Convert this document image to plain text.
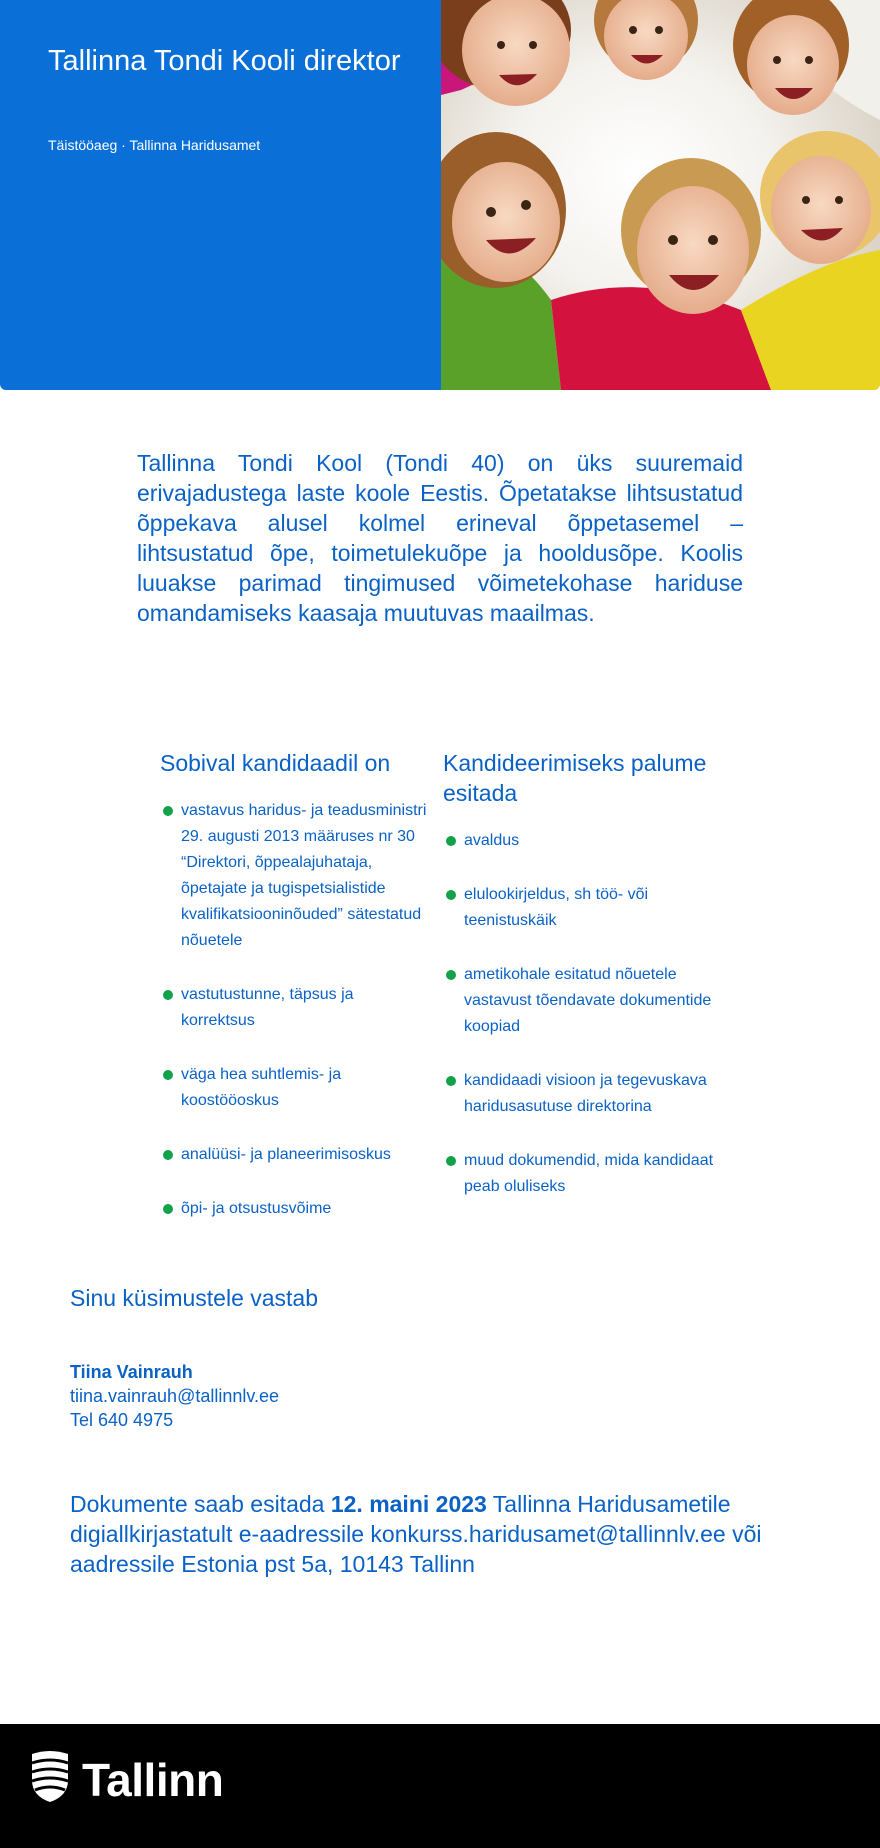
Tallinna Tondi Kooli direktor
Täistööaeg · Tallinna Haridusamet

Tallinna Tondi Kool (Tondi 40) on üks suuremaid erivajadustega laste koole Eestis. Õpetatakse lihtsustatud õppekava alusel kolmel erineval õppetasemel – lihtsustatud õpe, toimetulekuõpe ja hooldusõpe. Koolis luuakse parimad tingimused võimetekohase hariduse omandamiseks kaasaja muutuvas maailmas.

Sobival kandidaadil on
vastavus haridus- ja teadusministri 29. augusti 2013 määruses nr 30 “Direktori, õppealajuhataja, õpetajate ja tugispetsialistide kvalifikatsiooninõuded” sätestatud nõuetele
vastutustunne, täpsus ja korrektsus
väga hea suhtlemis- ja koostööoskus
analüüsi- ja planeerimisoskus
õpi- ja otsustusvõime
Kandideerimiseks palume esitada
avaldus
elulookirjeldus, sh töö- või teenistuskäik
ametikohale esitatud nõuetele vastavust tõendavate dokumentide koopiad
kandidaadi visioon ja tegevuskava haridusasutuse direktorina
muud dokumendid, mida kandidaat peab oluliseks
Sinu küsimustele vastab
Tiina Vainrauh
tiina.vainrauh@tallinnlv.ee
Tel 640 4975

Dokumente saab esitada 12. maini 2023 Tallinna Haridusametile digiallkirjastatult e-aadressile konkurss.haridusamet@tallinnlv.ee või aadressile Estonia pst 5a, 10143 Tallinn

Tallinn
